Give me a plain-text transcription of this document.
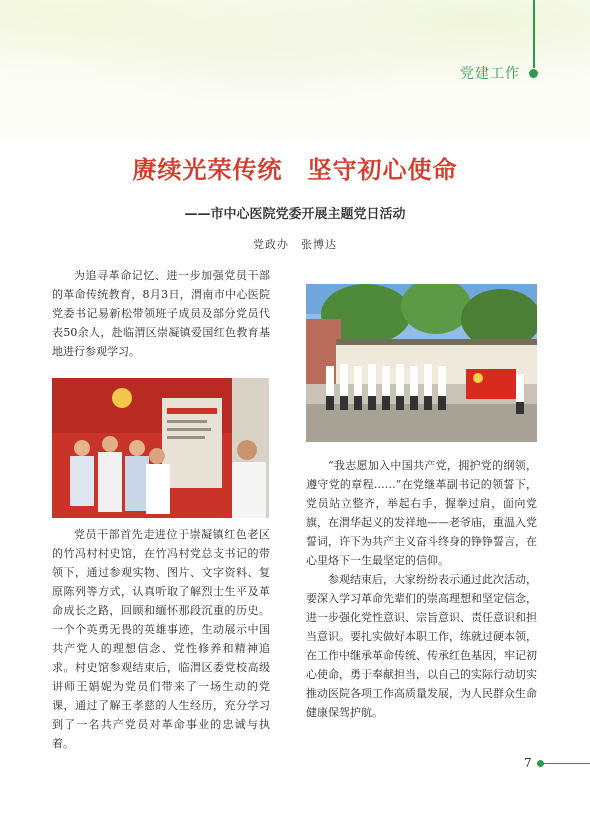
党建工作
赓续光荣传统　坚守初心使命
——市中心医院党委开展主题党日活动
党政办　张博达

为追寻革命记忆、进一步加强党员干部的革命传统教育，8月3日，渭南市中心医院党委书记易新松带领班子成员及部分党员代表50余人，赴临渭区崇凝镇爱国红色教育基地进行参观学习。

党员干部首先走进位于崇凝镇红色老区的竹冯村村史馆，在竹冯村党总支书记的带领下，通过参观实物、图片、文字资料、复原陈列等方式，认真听取了解烈士生平及革命成长之路，回顾和缅怀那段沉重的历史。一个个英勇无畏的英雄事迹，生动展示中国共产党人的理想信念、党性修养和精神追求。村史馆参观结束后，临渭区委党校高级讲师王娟妮为党员们带来了一场生动的党课，通过了解王孝慈的人生经历，充分学习到了一名共产党员对革命事业的忠诚与执着。

“我志愿加入中国共产党，拥护党的纲领，遵守党的章程……”在党继革副书记的领誓下，党员站立整齐，举起右手，握拳过肩，面向党旗，在渭华起义的发祥地——老爷庙，重温入党誓词，许下为共产主义奋斗终身的铮铮誓言，在心里烙下一生最坚定的信仰。

参观结束后，大家纷纷表示通过此次活动，要深入学习革命先辈们的崇高理想和坚定信念，进一步强化党性意识、宗旨意识、责任意识和担当意识。要扎实做好本职工作，练就过硬本领，在工作中继承革命传统、传承红色基因，牢记初心使命，勇于奉献担当，以自己的实际行动切实推动医院各项工作高质量发展，为人民群众生命健康保驾护航。

7
